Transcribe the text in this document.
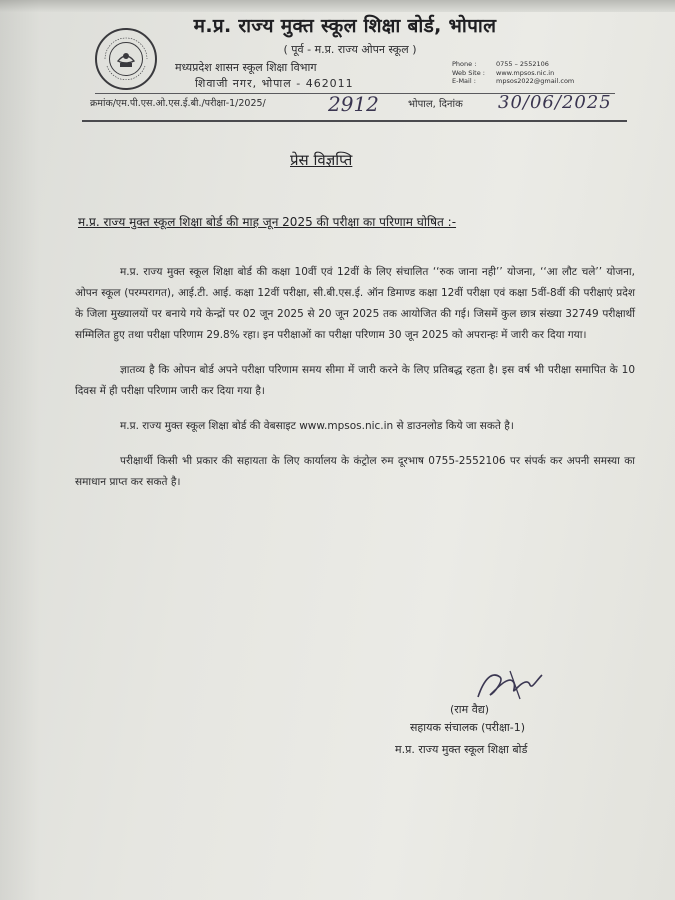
म.प्र. राज्य मुक्त स्कूल शिक्षा बोर्ड, भोपाल
( पूर्व - म.प्र. राज्य ओपन स्कूल )
मध्यप्रदेश शासन स्कूल शिक्षा विभाग
शिवाजी नगर, भोपाल - 462011
Phone :	0755 – 2552106
Web Site : www.mpsos.nic.in
E-Mail :	mpsos2022@gmail.com
क्रमांक/एम.पी.एस.ओ.एस.ई.बी./परीक्षा-1/2025/	2912	भोपाल, दिनांक 30/06/2025
प्रेस विज्ञप्ति
म.प्र. राज्य मुक्त स्कूल शिक्षा बोर्ड की माह जून 2025 की परीक्षा का परिणाम घोषित :-

म.प्र. राज्य मुक्त स्कूल शिक्षा बोर्ड की कक्षा 10वीं एवं 12वीं के लिए संचालित ‘‘रुक जाना नही’’ योजना, ‘‘आ लौट चले’’ योजना, ओपन स्कूल (परम्परागत), आई.टी. आई. कक्षा 12वीं परीक्षा, सी.बी.एस.ई. ऑन डिमाण्ड कक्षा 12वीं परीक्षा एवं कक्षा 5वीं-8वीं की परीक्षाएं प्रदेश के जिला मुख्यालयों पर बनाये गये केन्द्रों पर 02 जून 2025 से 20 जून 2025 तक आयोजित की गई। जिसमें कुल छात्र संख्या 32749 परीक्षार्थी सम्मिलित हुए तथा परीक्षा परिणाम 29.8% रहा। इन परीक्षाओं का परीक्षा परिणाम 30 जून 2025 को अपरान्हः में जारी कर दिया गया।

ज्ञातव्य है कि ओपन बोर्ड अपने परीक्षा परिणाम समय सीमा में जारी करने के लिए प्रतिबद्ध रहता है। इस वर्ष भी परीक्षा समापित के 10 दिवस में ही परीक्षा परिणाम जारी कर दिया गया है।

म.प्र. राज्य मुक्त स्कूल शिक्षा बोर्ड की वेबसाइट www.mpsos.nic.in से डाउनलोड किये जा सकते है।

परीक्षार्थी किसी भी प्रकार की सहायता के लिए कार्यालय के कंट्रोल रुम दूरभाष 0755-2552106 पर संपर्क कर अपनी समस्या का समाधान प्राप्त कर सकते है।

(राम वैद्य)
सहायक संचालक (परीक्षा-1)
म.प्र. राज्य मुक्त स्कूल शिक्षा बोर्ड
